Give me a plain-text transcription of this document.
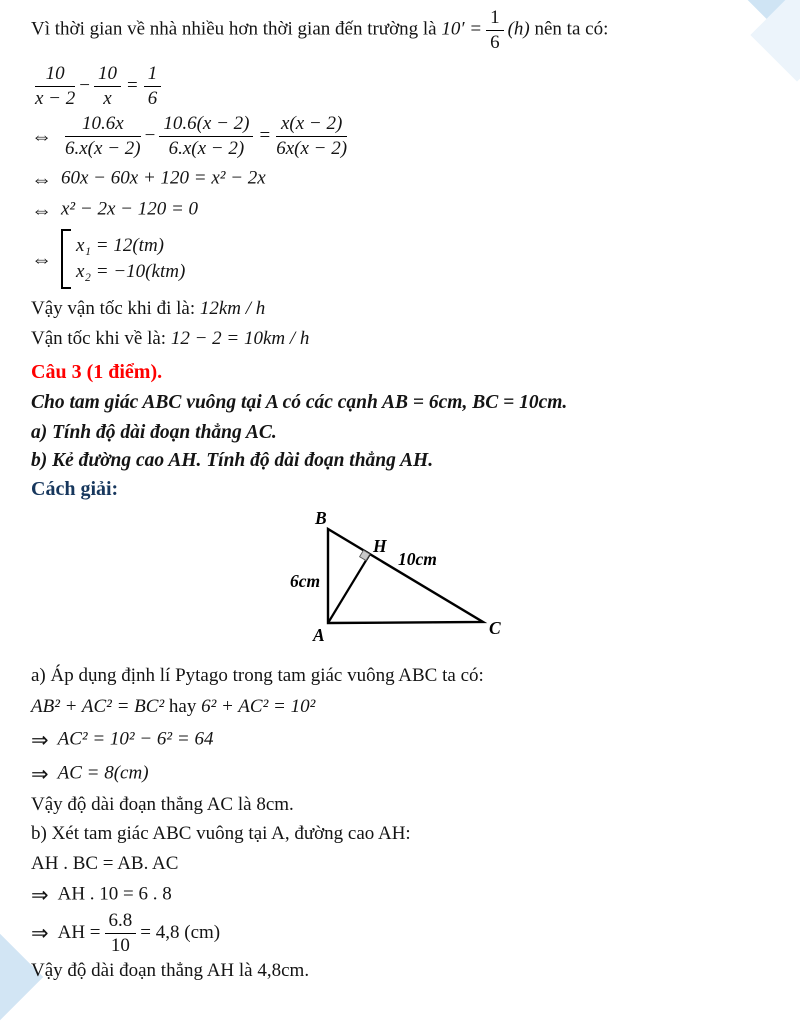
Vì thời gian về nhà nhiều hơn thời gian đến trường là $10' = \frac{1}{6} (h)$ nên ta có:

$\frac{10}{x - 2} - \frac{10}{x} = \frac{1}{6}$
⇔ $\frac{10.6x}{6.x(x - 2)} - \frac{10.6(x - 2)}{6.x(x - 2)} = \frac{x(x - 2)}{6x(x - 2)}$

⇔ 60x − 60x + 120 = x² − 2x

⇔ x² − 2x − 120 = 0

⇔
x₁ = 12(tm)
x₂ = −10(ktm)

Vậy vận tốc khi đi là: 12km / h

Vận tốc khi về là: 12 − 2 = 10km / h

Câu 3 (1 điểm).

Cho tam giác ABC vuông tại A có các cạnh AB = 6cm, BC = 10cm.

a) Tính độ dài đoạn thẳng AC.

b) Kẻ đường cao AH. Tính độ dài đoạn thẳng AH.

Cách giải:

B
H
A	C
6cm
10cm

a) Áp dụng định lí Pytago trong tam giác vuông ABC ta có:

AB² + AC² = BC² hay 6² + AC² = 10²

⇒ AC² = 10² − 6² = 64

⇒ AC = 8(cm)

Vậy độ dài đoạn thẳng AC là 8cm.

b) Xét tam giác ABC vuông tại A, đường cao AH:

AH . BC = AB. AC

⇒ AH . 10 = 6 . 8

⇒ AH = $\frac{6.8}{10} = 4,8$ (cm)

Vậy độ dài đoạn thẳng AH là 4,8cm.
